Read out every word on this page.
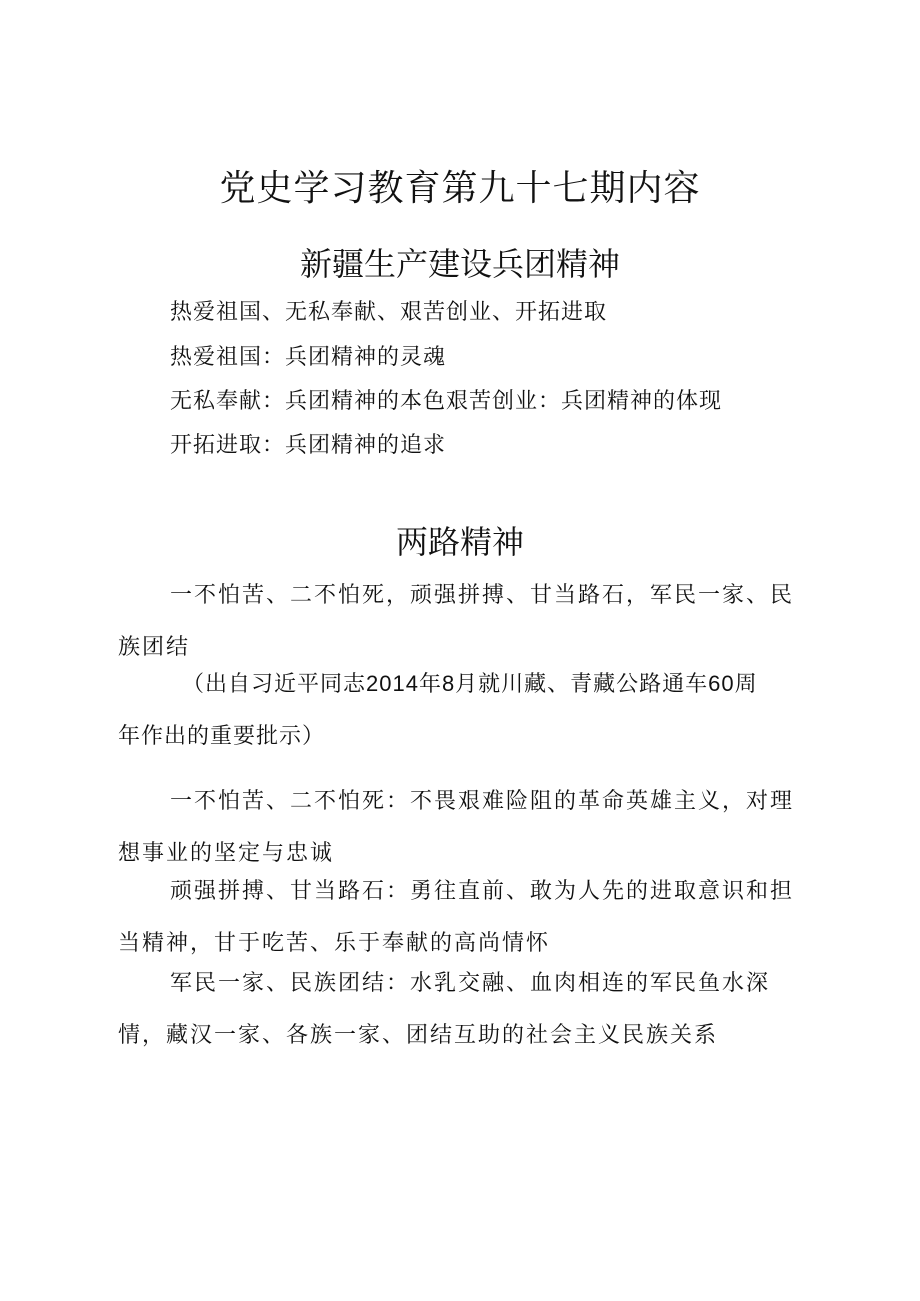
党史学习教育第九十七期内容
新疆生产建设兵团精神
热爱祖国、无私奉献、艰苦创业、开拓进取
热爱祖国：兵团精神的灵魂
无私奉献：兵团精神的本色艰苦创业：兵团精神的体现
开拓进取：兵团精神的追求
两路精神

一不怕苦、二不怕死，顽强拼搏、甘当路石，军民一家、民族团结

（出自习近平同志2014年8月就川藏、青藏公路通车60周年作出的重要批示）

一不怕苦、二不怕死：不畏艰难险阻的革命英雄主义，对理想事业的坚定与忠诚

顽强拼搏、甘当路石：勇往直前、敢为人先的进取意识和担当精神，甘于吃苦、乐于奉献的高尚情怀

军民一家、民族团结：水乳交融、血肉相连的军民鱼水深情，藏汉一家、各族一家、团结互助的社会主义民族关系
